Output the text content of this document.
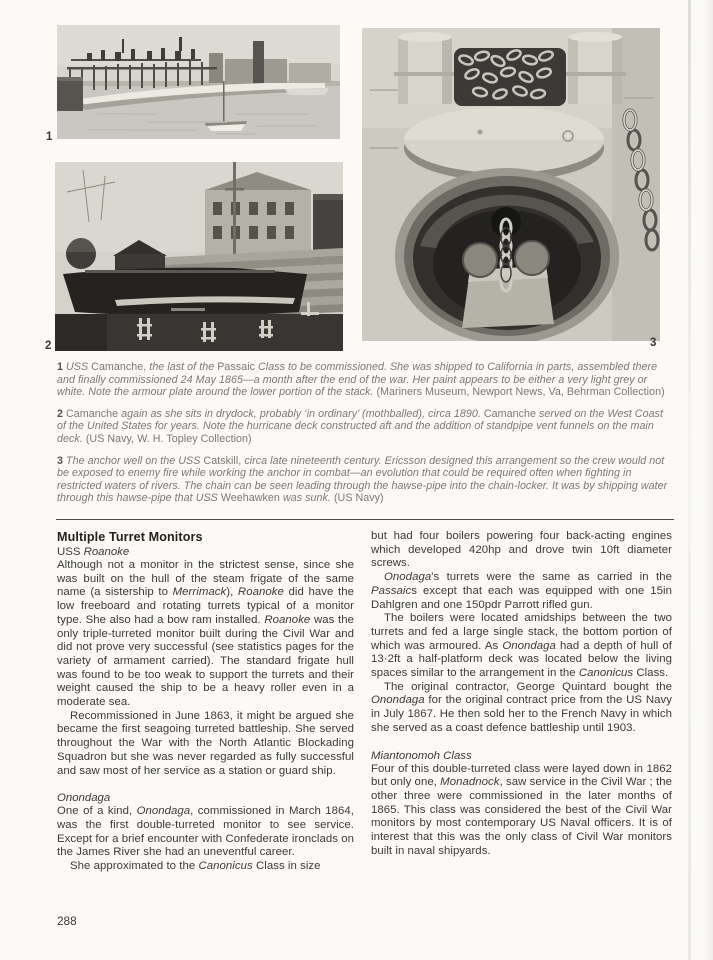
1
2	3

1 USS Camanche, the last of the Passaic Class to be commissioned. She was shipped to California in parts, assembled there and finally commissioned 24 May 1865—a month after the end of the war. Her paint appears to be either a very light grey or white. Note the armour plate around the lower portion of the stack. (Mariners Museum, Newport News, Va, Behrman Collection)

2 Camanche again as she sits in drydock, probably ‘in ordinary’ (mothballed), circa 1890. Camanche served on the West Coast of the United States for years. Note the hurricane deck constructed aft and the addition of standpipe vent funnels on the main deck. (US Navy, W. H. Topley Collection)

3 The anchor well on the USS Catskill, circa late nineteenth century. Ericsson designed this arrangement so the crew would not be exposed to enemy fire while working the anchor in combat—an evolution that could be required often when fighting in restricted waters of rivers. The chain can be seen leading through the hawse-pipe into the chain-locker. It was by shipping water through this hawse-pipe that USS Weehawken was sunk. (US Navy)

Multiple Turret Monitors

USS Roanoke

Although not a monitor in the strictest sense, since she was built on the hull of the steam frigate of the same name (a sistership to Merrimack), Roanoke did have the low freeboard and rotating turrets typical of a monitor type. She also had a bow ram installed. Roanoke was the only triple-turreted monitor built during the Civil War and did not prove very successful (see statistics pages for the variety of armament carried). The standard frigate hull was found to be too weak to support the turrets and their weight caused the ship to be a heavy roller even in a moderate sea.

Recommissioned in June 1863, it might be argued she became the first seagoing turreted battleship. She served throughout the War with the North Atlantic Blockading Squadron but she was never regarded as fully successful and saw most of her service as a station or guard ship.

Onondaga

One of a kind, Onondaga, commissioned in March 1864, was the first double-turreted monitor to see service. Except for a brief encounter with Confederate ironclads on the James River she had an uneventful career.

She approximated to the Canonicus Class in size

but had four boilers powering four back-acting engines which developed 420hp and drove twin 10ft diameter screws.

Onodaga's turrets were the same as carried in the Passaics except that each was equipped with one 15in Dahlgren and one 150pdr Parrott rifled gun.

The boilers were located amidships between the two turrets and fed a large single stack, the bottom portion of which was armoured. As Onondaga had a depth of hull of 13·2ft a half-platform deck was located below the living spaces similar to the arrangement in the Canonicus Class.

The original contractor, George Quintard bought the Onondaga for the original contract price from the US Navy in July 1867. He then sold her to the French Navy in which she served as a coast defence battleship until 1903.

Miantonomoh Class

Four of this double-turreted class were layed down in 1862 but only one, Monadnock, saw service in the Civil War ; the other three were commissioned in the later months of 1865. This class was considered the best of the Civil War monitors by most contemporary US Naval officers. It is of interest that this was the only class of Civil War monitors built in naval shipyards.

288
